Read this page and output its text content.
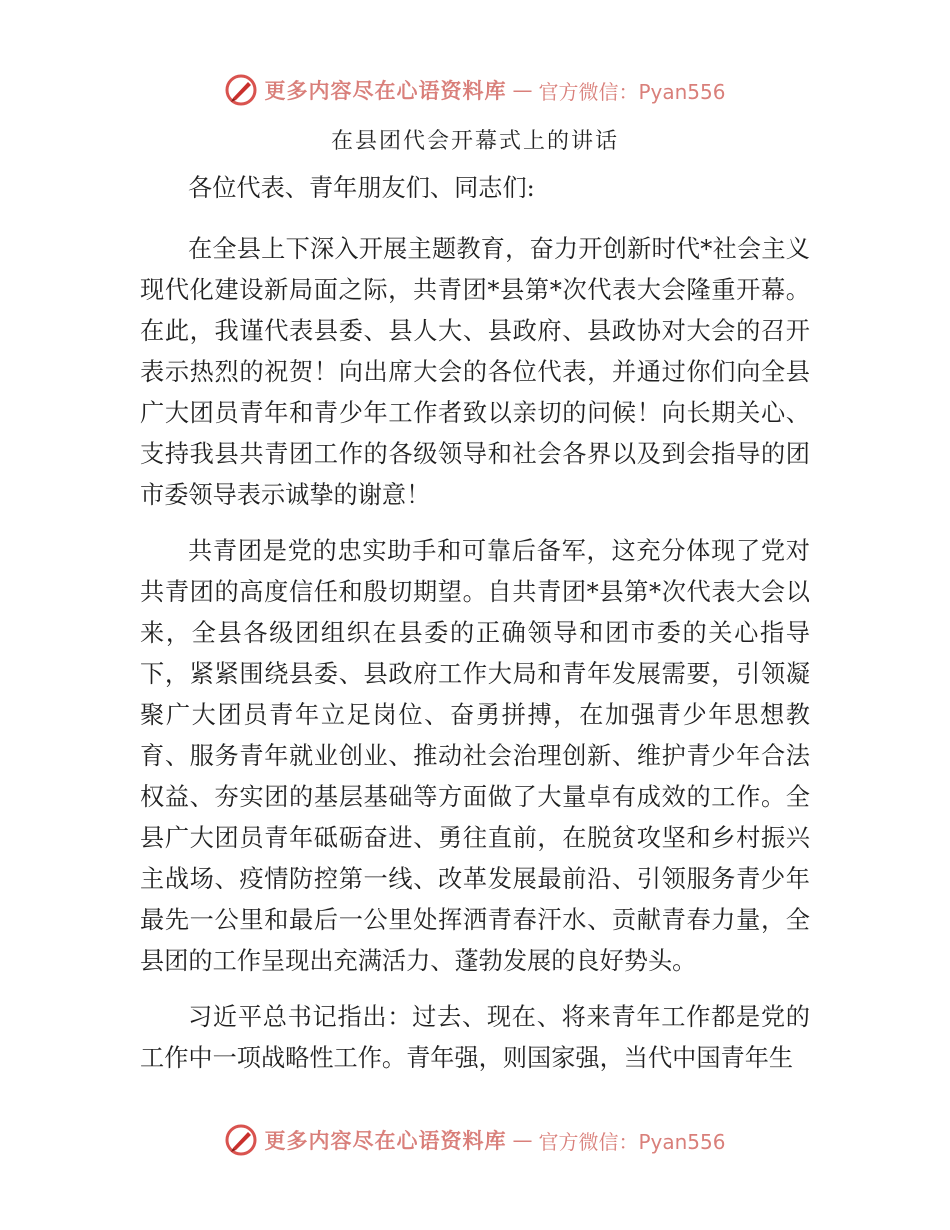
更多内容尽在心语资料库 — 官方微信：Pyan556
在县团代会开幕式上的讲话

各位代表、青年朋友们、同志们:

在全县上下深入开展主题教育，奋力开创新时代*社会主义现代化建设新局面之际，共青团*县第*次代表大会隆重开幕。在此，我谨代表县委、县人大、县政府、县政协对大会的召开表示热烈的祝贺！向出席大会的各位代表，并通过你们向全县广大团员青年和青少年工作者致以亲切的问候！向长期关心、支持我县共青团工作的各级领导和社会各界以及到会指导的团市委领导表示诚挚的谢意！

共青团是党的忠实助手和可靠后备军，这充分体现了党对共青团的高度信任和殷切期望。自共青团*县第*次代表大会以来，全县各级团组织在县委的正确领导和团市委的关心指导下，紧紧围绕县委、县政府工作大局和青年发展需要，引领凝聚广大团员青年立足岗位、奋勇拼搏，在加强青少年思想教育、服务青年就业创业、推动社会治理创新、维护青少年合法权益、夯实团的基层基础等方面做了大量卓有成效的工作。全县广大团员青年砥砺奋进、勇往直前，在脱贫攻坚和乡村振兴主战场、疫情防控第一线、改革发展最前沿、引领服务青少年最先一公里和最后一公里处挥洒青春汗水、贡献青春力量，全县团的工作呈现出充满活力、蓬勃发展的良好势头。

习近平总书记指出：过去、现在、将来青年工作都是党的工作中一项战略性工作。青年强，则国家强，当代中国青年生

更多内容尽在心语资料库 — 官方微信：Pyan556
